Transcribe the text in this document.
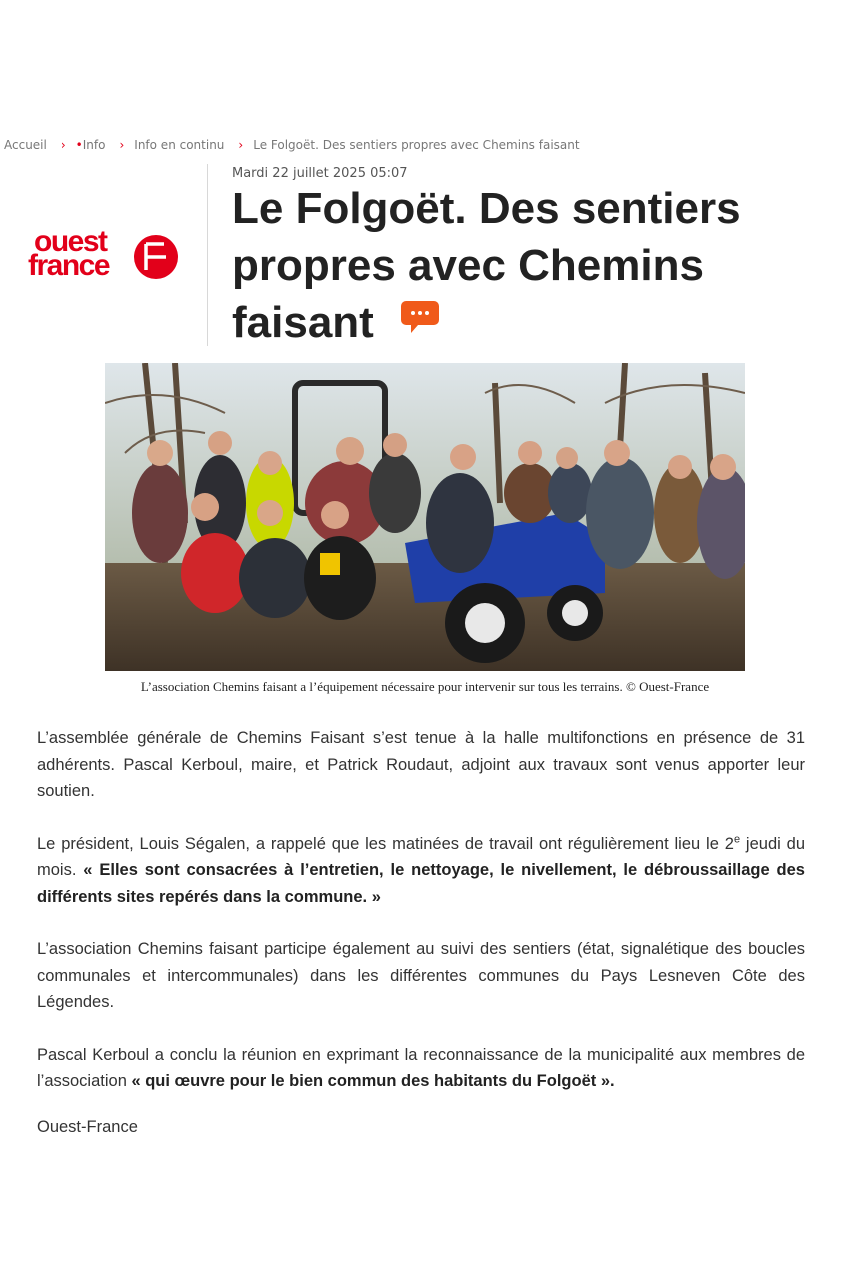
Accueil › •Info › Info en continu › Le Folgoët. Des sentiers propres avec Chemins faisant
ouest
france
Mardi 22 juillet 2025 05:07
Le Folgoët. Des sentiers propres avec Chemins faisant
L’association Chemins faisant a l’équipement nécessaire pour intervenir sur tous les terrains. © Ouest-France

L’assemblée générale de Chemins Faisant s’est tenue à la halle multifonctions en présence de 31 adhérents. Pascal Kerboul, maire, et Patrick Roudaut, adjoint aux travaux sont venus apporter leur soutien.

Le président, Louis Ségalen, a rappelé que les matinées de travail ont régulièrement lieu le 2e jeudi du mois. « Elles sont consacrées à l’entretien, le nettoyage, le nivellement, le débroussaillage des différents sites repérés dans la commune. »

L’association Chemins faisant participe également au suivi des sentiers (état, signalétique des boucles communales et intercommunales) dans les différentes communes du Pays Lesneven Côte des Légendes.

Pascal Kerboul a conclu la réunion en exprimant la reconnaissance de la municipalité aux membres de l’association « qui œuvre pour le bien commun des habitants du Folgoët ».

Ouest-France
